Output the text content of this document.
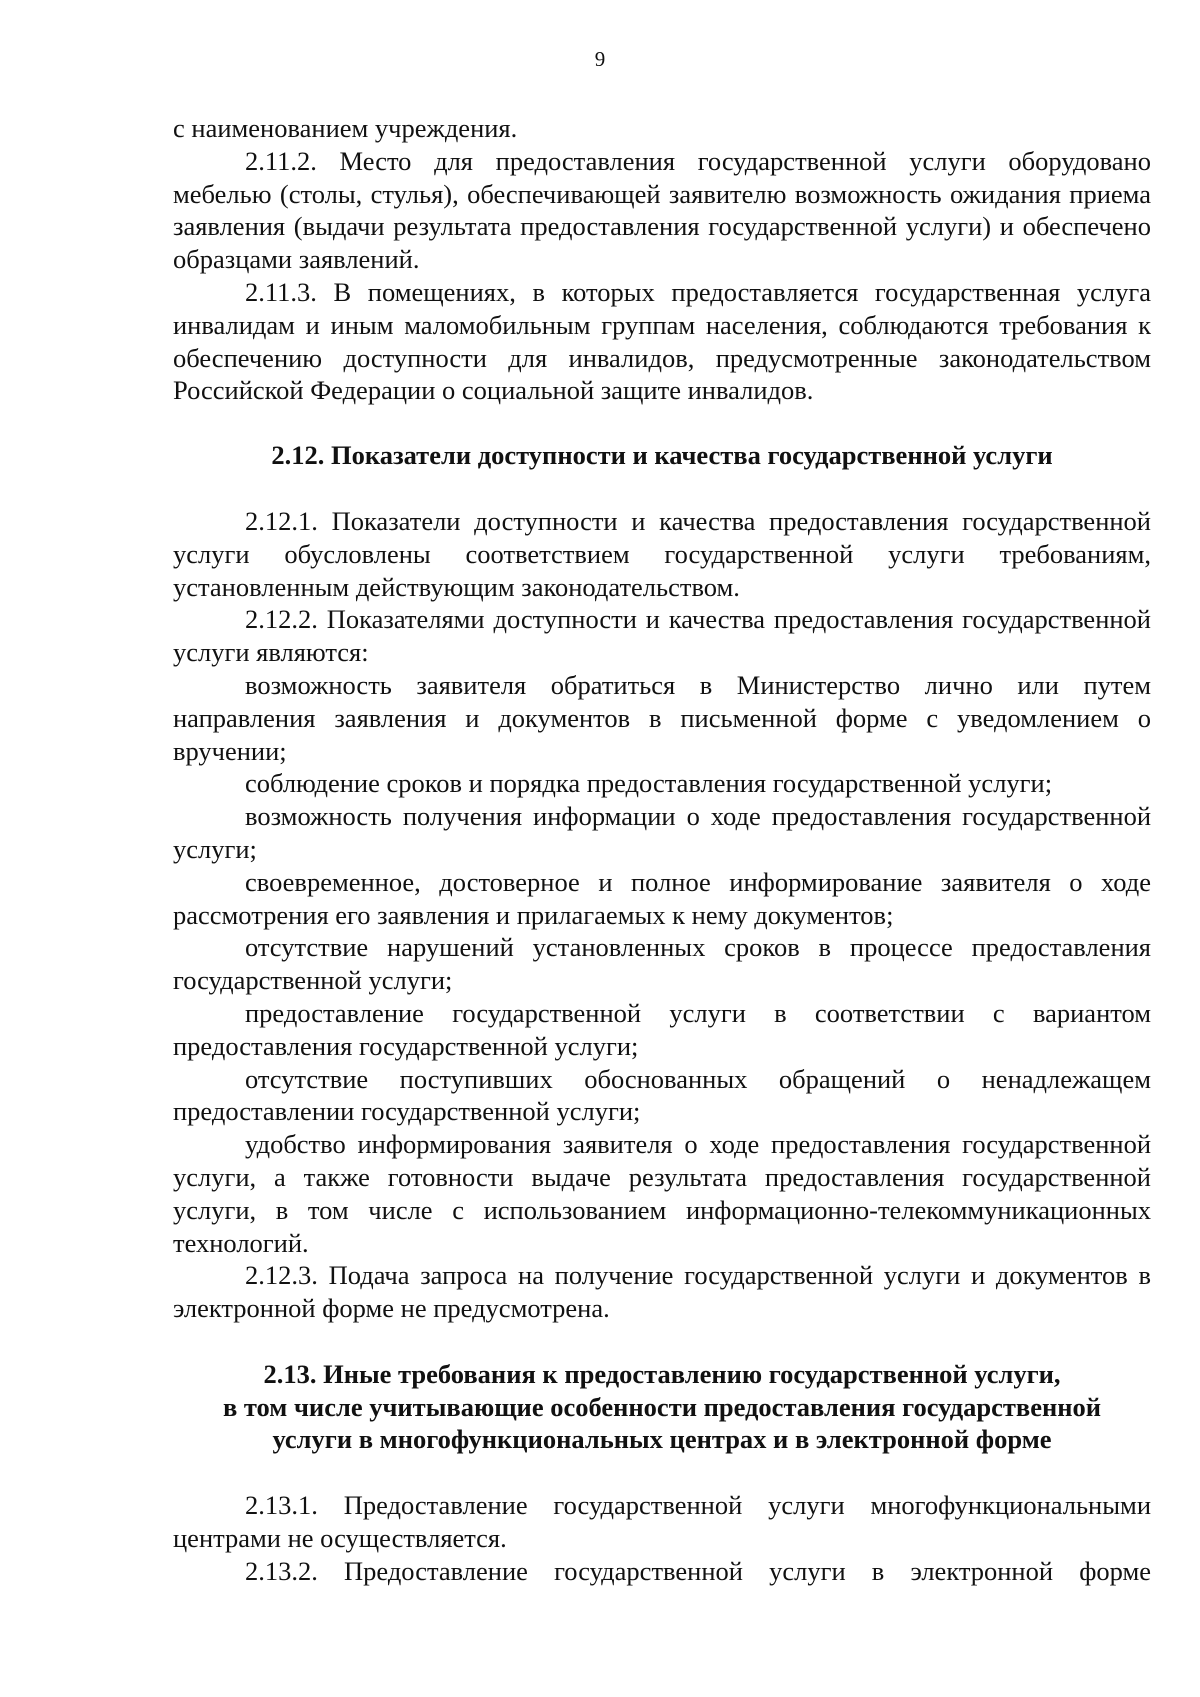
9

с наименованием учреждения.

2.11.2. Место для предоставления государственной услуги оборудовано мебелью (столы, стулья), обеспечивающей заявителю возможность ожидания приема заявления (выдачи результата предоставления государственной услуги) и обеспечено образцами заявлений.

2.11.3. В помещениях, в которых предоставляется государственная услуга инвалидам и иным маломобильным группам населения, соблюдаются требования к обеспечению доступности для инвалидов, предусмотренные законодательством Российской Федерации о социальной защите инвалидов.

2.12. Показатели доступности и качества государственной услуги

2.12.1. Показатели доступности и качества предоставления государственной услуги обусловлены соответствием государственной услуги требованиям, установленным действующим законодательством.

2.12.2. Показателями доступности и качества предоставления государственной услуги являются:

возможность заявителя обратиться в Министерство лично или путем направления заявления и документов в письменной форме с уведомлением о вручении;

соблюдение сроков и порядка предоставления государственной услуги;

возможность получения информации о ходе предоставления государственной услуги;

своевременное, достоверное и полное информирование заявителя о ходе рассмотрения его заявления и прилагаемых к нему документов;

отсутствие нарушений установленных сроков в процессе предоставления государственной услуги;

предоставление государственной услуги в соответствии с вариантом предоставления государственной услуги;

отсутствие поступивших обоснованных обращений о ненадлежащем предоставлении государственной услуги;

удобство информирования заявителя о ходе предоставления государственной услуги, а также готовности выдаче результата предоставления государственной услуги, в том числе с использованием информационно-телекоммуникационных технологий.

2.12.3. Подача запроса на получение государственной услуги и документов в электронной форме не предусмотрена.

2.13. Иные требования к предоставлению государственной услуги,

в том числе учитывающие особенности предоставления государственной

услуги в многофункциональных центрах и в электронной форме

2.13.1. Предоставление государственной услуги многофункциональными центрами не осуществляется.

2.13.2. Предоставление государственной услуги в электронной форме
